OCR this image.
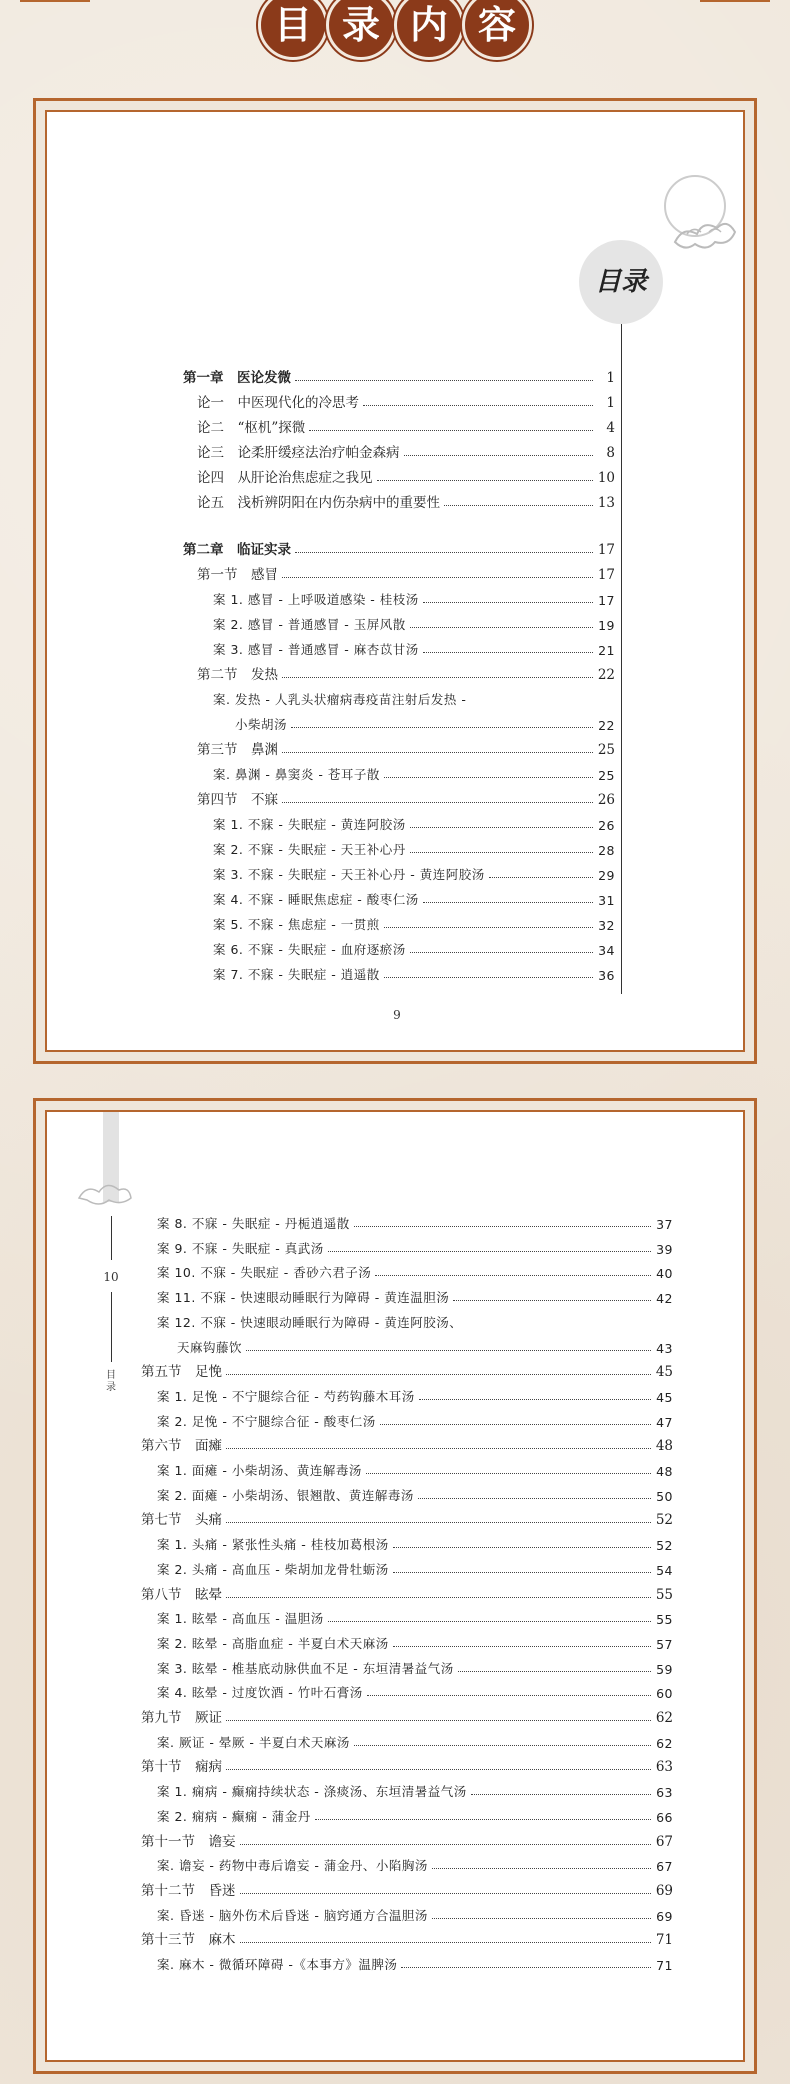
目 录 内 容
目录
第一章　医论发微	1
论一　中医现代化的冷思考	1
论二　“枢机”探微	4
论三　论柔肝缓痉法治疗帕金森病	8
论四　从肝论治焦虑症之我见	10
论五　浅析辨阴阳在内伤杂病中的重要性	13
第二章　临证实录	17
第一节　感冒	17
案 1. 感冒 - 上呼吸道感染 - 桂枝汤	17
案 2. 感冒 - 普通感冒 - 玉屏风散	19
案 3. 感冒 - 普通感冒 - 麻杏苡甘汤	21
第二节　发热	22
案. 发热 - 人乳头状瘤病毒疫苗注射后发热 -
小柴胡汤	22
第三节　鼻渊	25
案. 鼻渊 - 鼻窦炎 - 苍耳子散	25
第四节　不寐	26
案 1. 不寐 - 失眠症 - 黄连阿胶汤	26
案 2. 不寐 - 失眠症 - 天王补心丹	28
案 3. 不寐 - 失眠症 - 天王补心丹 - 黄连阿胶汤	29
案 4. 不寐 - 睡眠焦虑症 - 酸枣仁汤	31
案 5. 不寐 - 焦虑症 - 一贯煎	32
案 6. 不寐 - 失眠症 - 血府逐瘀汤	34
案 7. 不寐 - 失眠症 - 逍遥散	36
9
10
目录
案 8. 不寐 - 失眠症 - 丹栀逍遥散	37
案 9. 不寐 - 失眠症 - 真武汤	39
案 10. 不寐 - 失眠症 - 香砂六君子汤	40
案 11. 不寐 - 快速眼动睡眠行为障碍 - 黄连温胆汤	42
案 12. 不寐 - 快速眼动睡眠行为障碍 - 黄连阿胶汤、
天麻钩藤饮	43
第五节　足悗	45
案 1. 足悗 - 不宁腿综合征 - 芍药钩藤木耳汤	45
案 2. 足悗 - 不宁腿综合征 - 酸枣仁汤	47
第六节　面瘫	48
案 1. 面瘫 - 小柴胡汤、黄连解毒汤	48
案 2. 面瘫 - 小柴胡汤、银翘散、黄连解毒汤	50
第七节　头痛	52
案 1. 头痛 - 紧张性头痛 - 桂枝加葛根汤	52
案 2. 头痛 - 高血压 - 柴胡加龙骨牡蛎汤	54
第八节　眩晕	55
案 1. 眩晕 - 高血压 - 温胆汤	55
案 2. 眩晕 - 高脂血症 - 半夏白术天麻汤	57
案 3. 眩晕 - 椎基底动脉供血不足 - 东垣清暑益气汤	59
案 4. 眩晕 - 过度饮酒 - 竹叶石膏汤	60
第九节　厥证	62
案. 厥证 - 晕厥 - 半夏白术天麻汤	62
第十节　痫病	63
案 1. 痫病 - 癫痫持续状态 - 涤痰汤、东垣清暑益气汤	63
案 2. 痫病 - 癫痫 - 蒲金丹	66
第十一节　谵妄	67
案. 谵妄 - 药物中毒后谵妄 - 蒲金丹、小陷胸汤	67
第十二节　昏迷	69
案. 昏迷 - 脑外伤术后昏迷 - 脑窍通方合温胆汤	69
第十三节　麻木	71
案. 麻木 - 微循环障碍 -《本事方》温脾汤	71
